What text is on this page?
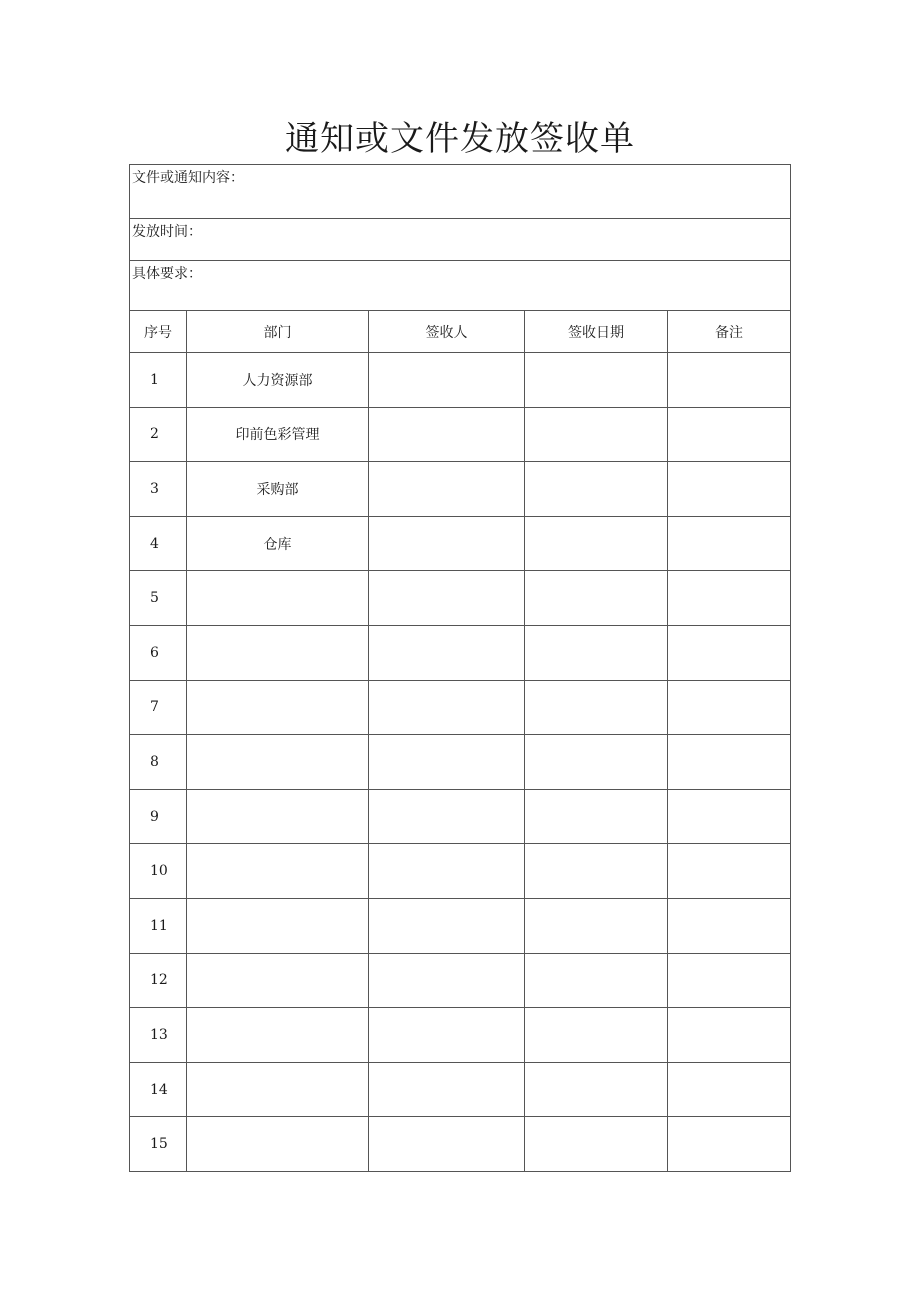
通知或文件发放签收单
文件或通知内容：				
发放时间：				
具体要求：				
序号	部门	签收人	签收日期	备注
1	人力资源部			
2	印前色彩管理			
3	采购部			
4	仓库			
5				
6				
7				
8				
9				
10				
11				
12				
13				
14				
15				
